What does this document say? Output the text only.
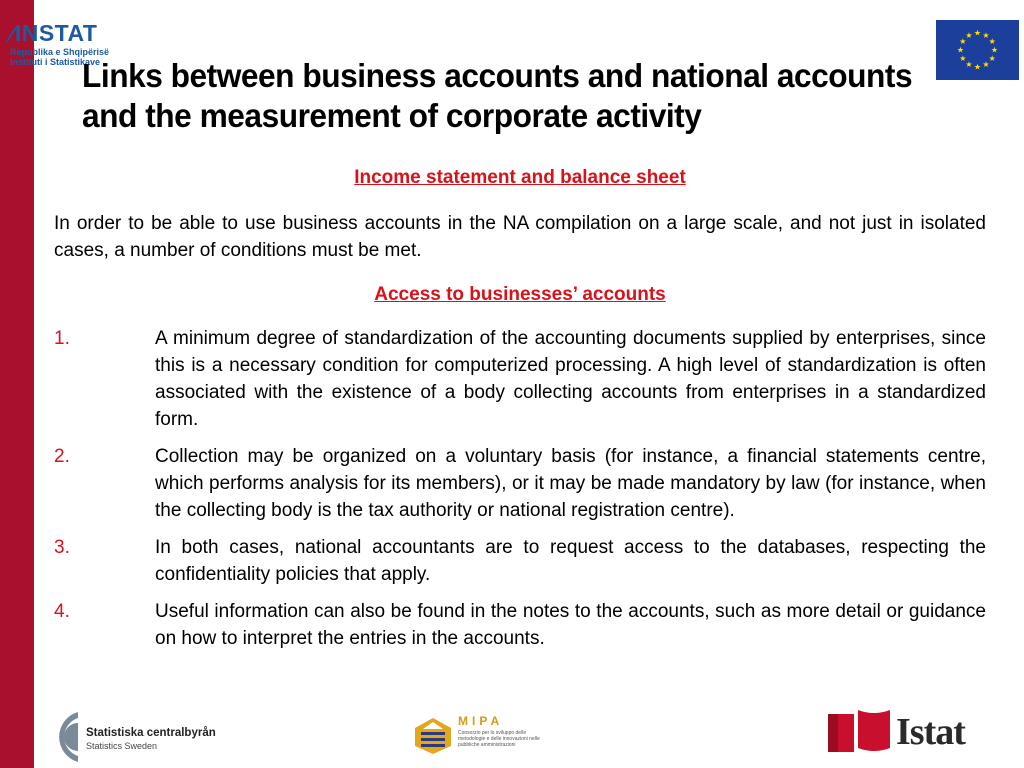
∕INSTAT
Republika e Shqipërisë
Instituti i Statistikave
★ ★
★
★
★
★
★
★
★
★
★
★
Links between business accounts and national accounts and the measurement of corporate activity

Income statement and balance sheet

In order to be able to use business accounts in the NA compilation on a large scale, and not just in isolated cases, a number of conditions must be met.

Access to businesses’ accounts

1.	A minimum degree of standardization of the accounting documents supplied by enterprises, since this is a necessary condition for computerized processing. A high level of standardization is often associated with the existence of a body collecting accounts from enterprises in a standardized form.
2.	Collection may be organized on a voluntary basis (for instance, a financial statements centre, which performs analysis for its members), or it may be made mandatory by law (for instance, when the collecting body is the tax authority or national registration centre).
3.	In both cases, national accountants are to request access to the databases, respecting the confidentiality policies that apply.
4.	Useful information can also be found in the notes to the accounts, such as more detail or guidance on how to interpret the entries in the accounts.
Statistiska centralbyrån
Statistics Sweden
MIPA
Consorzio per lo sviluppo delle metodologie e delle innovazioni nelle pubbliche amministrazioni	Istat
